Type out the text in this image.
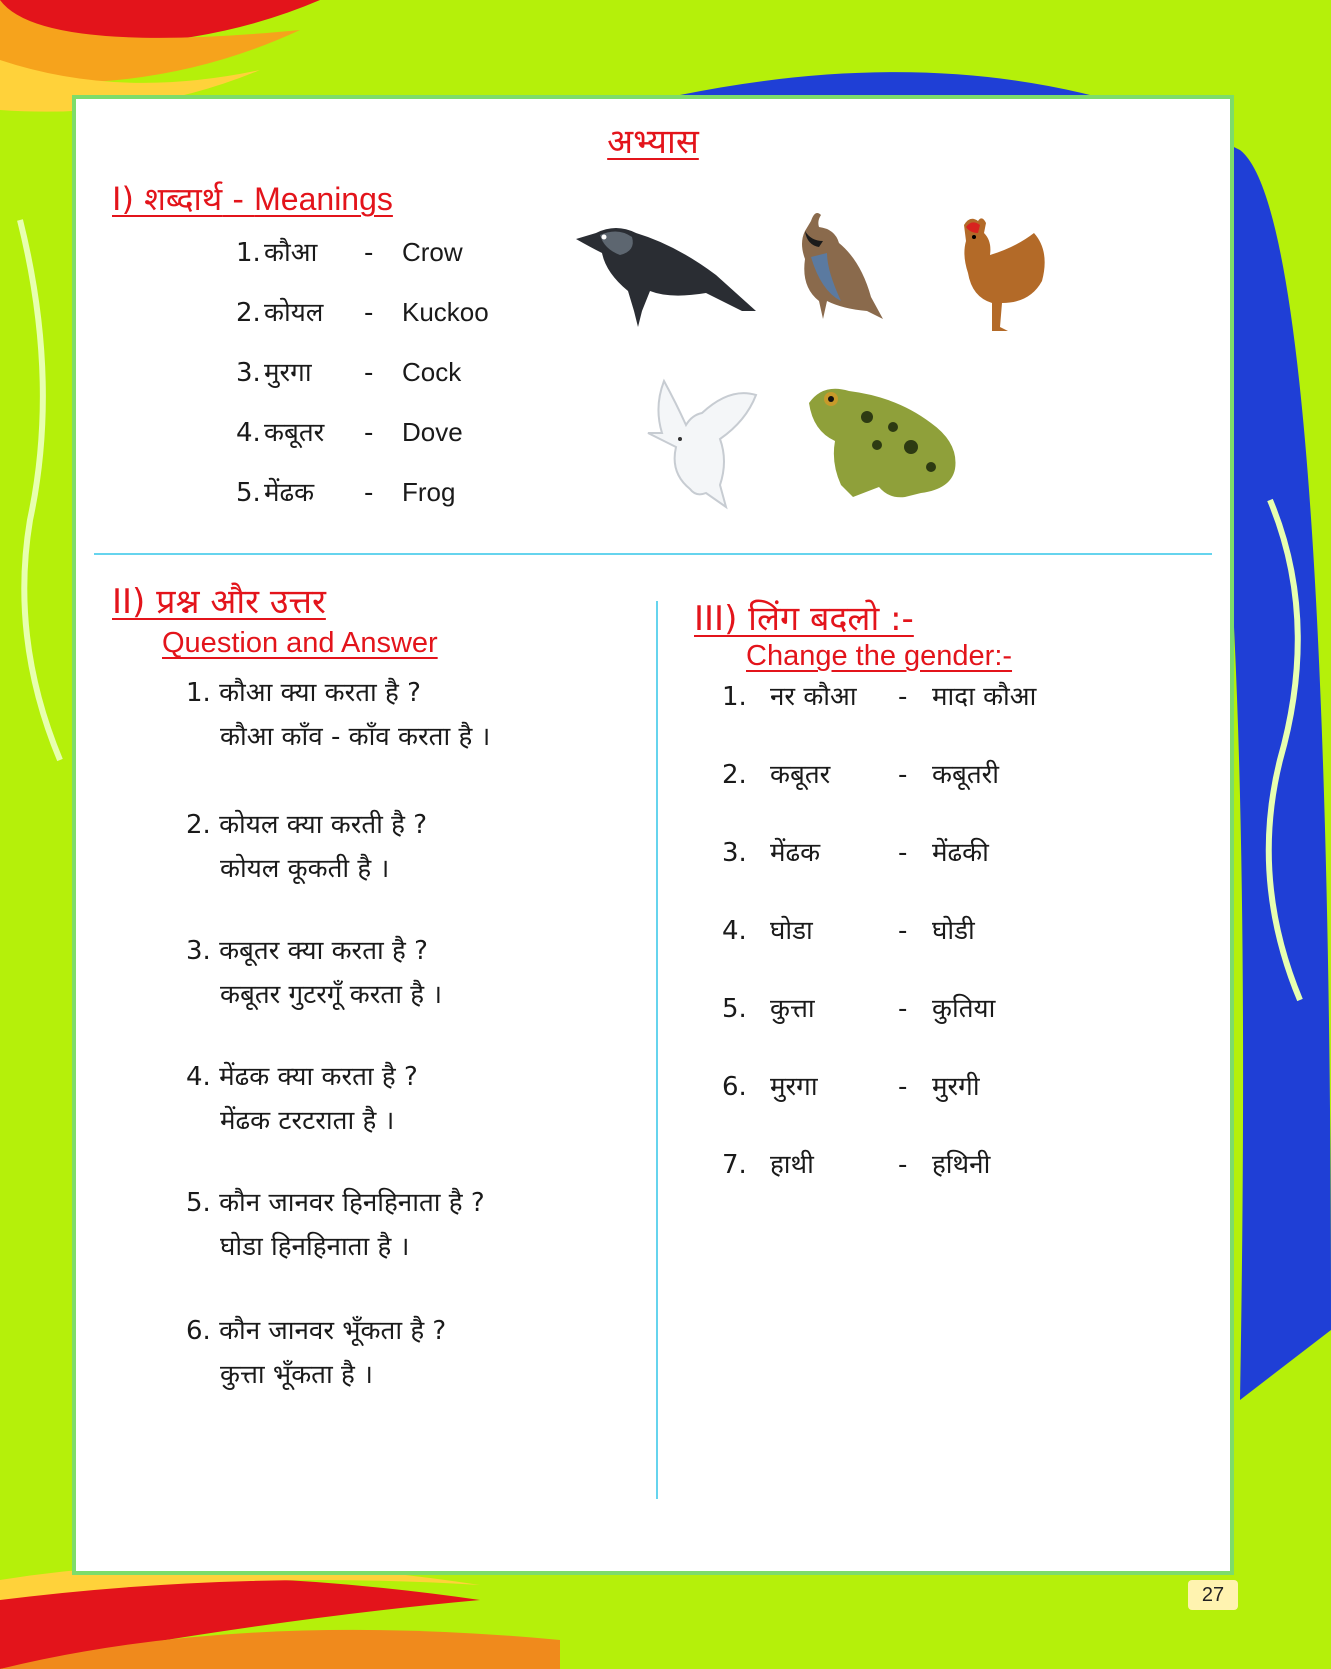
अभ्यास
I) शब्दार्थ - Meanings
1. कौआ - Crow
2. कोयल - Kuckoo
3. मुरगा - Cock
4. कबूतर - Dove
5. मेंढक - Frog
II) प्रश्न और उत्तर
Question and Answer
1. कौआ क्या करता है ?
कौआ काँव - काँव करता है ।
2. कोयल क्या करती है ?
कोयल कूकती है ।
3. कबूतर क्या करता है ?
कबूतर गुटरगूँ करता है ।
4. मेंढक क्या करता है ?
मेंढक टरटराता है ।
5. कौन जानवर हिनहिनाता है ?
घोडा हिनहिनाता है ।
6. कौन जानवर भूँकता है ?
कुत्ता भूँकता है ।
III) लिंग बदलो :-
Change the gender:-
1. नर कौआ - मादा कौआ
2. कबूतर	- कबूतरी
3. मेंढक	- मेंढकी
4. घोडा	- घोडी
5. कुत्ता	- कुतिया
6. मुरगा	- मुरगी
7. हाथी	- हथिनी
27
